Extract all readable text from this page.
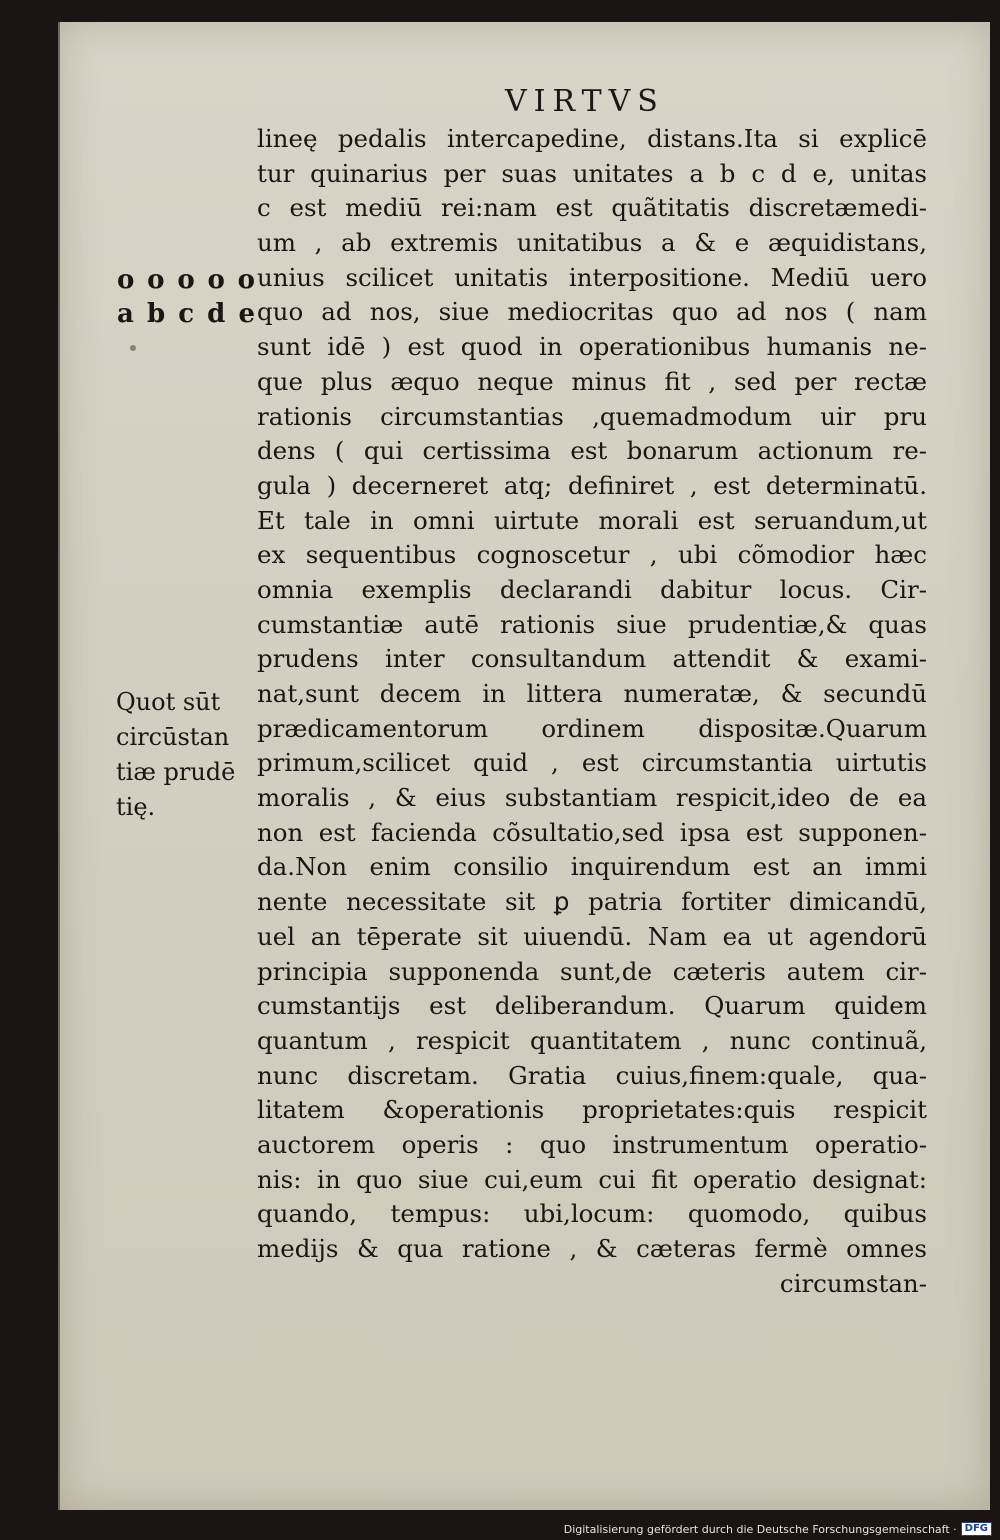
VIRTVS
o o o o o
a b c d e
Quot sūt
circūstan
tiæ prudē
tię.
lineę pedalis intercapedine, distans.Ita si explicē
tur quinarius per suas unitates a b c d e, unitas
c est mediū rei:nam est quãtitatis discretæmedi-
um , ab extremis unitatibus a & e æquidistans,
unius scilicet unitatis interpositione. Mediū uero
quo ad nos, siue mediocritas quo ad nos ( nam
sunt idē ) est quod in operationibus humanis ne-
que plus æquo neque minus fit , sed per rectæ
rationis circumstantias ,quemadmodum uir pru
dens ( qui certissima est bonarum actionum re-
gula ) decerneret atq; definiret , est determinatū.
Et tale in omni uirtute morali est seruandum,ut
ex sequentibus cognoscetur , ubi cõmodior hæc
omnia exemplis declarandi dabitur locus. Cir-
cumstantiæ autē rationis siue prudentiæ,& quas
prudens inter consultandum attendit & exami-
nat,sunt decem in littera numeratæ, & secundū
prædicamentorum ordinem dispositæ.Quarum
primum,scilicet quid , est circumstantia uirtutis
moralis , & eius substantiam respicit,ideo de ea
non est facienda cõsultatio,sed ipsa est supponen-
da.Non enim consilio inquirendum est an immi
nente necessitate sit ꝑ patria fortiter dimicandū,
uel an tēperate sit uiuendū. Nam ea ut agendorū
principia supponenda sunt,de cæteris autem cir-
cumstantijs est deliberandum. Quarum quidem
quantum , respicit quantitatem , nunc continuã,
nunc discretam. Gratia cuius,finem:quale, qua-
litatem &operationis proprietates:quis respicit
auctorem operis : quo instrumentum operatio-
nis: in quo siue cui,eum cui fit operatio designat:
quando, tempus: ubi,locum: quomodo, quibus
medijs & qua ratione , & cæteras fermè omnes
circumstan-
Digitalisierung gefördert durch die Deutsche Forschungsgemeinschaft · DFG
